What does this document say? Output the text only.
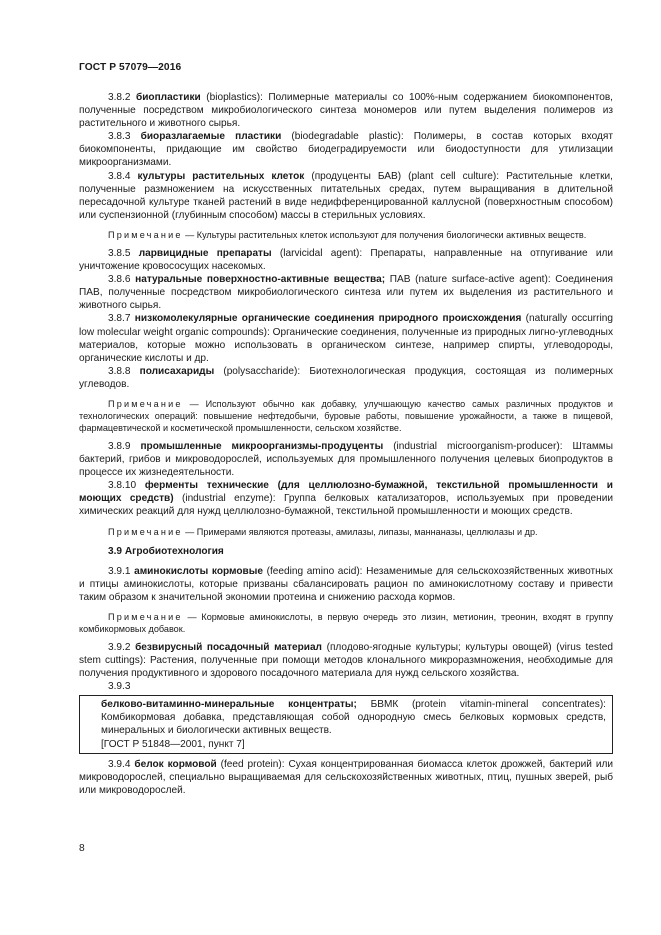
ГОСТ Р 57079—2016

3.8.2 биопластики (bioplastics): Полимерные материалы со 100%-ным содержанием биокомпонентов, полученные посредством микробиологического синтеза мономеров или путем выделения полимеров из растительного и животного сырья.

3.8.3 биоразлагаемые пластики (biodegradable plastic): Полимеры, в состав которых входят биокомпоненты, придающие им свойство биодеградируемости или биодоступности для утилизации микроорганизмами.

3.8.4 культуры растительных клеток (продуценты БАВ) (plant cell culture): Растительные клетки, полученные размножением на искусственных питательных средах, путем выращивания в длительной пересадочной культуре тканей растений в виде недифференцированной каллусной (поверхностным способом) или суспензионной (глубинным способом) массы в стерильных условиях.

Примечание — Культуры растительных клеток используют для получения биологически активных веществ.

3.8.5 ларвицидные препараты (larvicidal agent): Препараты, направленные на отпугивание или уничтожение кровососущих насекомых.

3.8.6 натуральные поверхностно-активные вещества; ПАВ (nature surface-active agent): Соединения ПАВ, полученные посредством микробиологического синтеза или путем их выделения из растительного и животного сырья.

3.8.7 низкомолекулярные органические соединения природного происхождения (naturally occurring low molecular weight organic compounds): Органические соединения, полученные из природных лигно-углеводных материалов, которые можно использовать в органическом синтезе, например спирты, углеводороды, органические кислоты и др.

3.8.8 полисахариды (polysaccharide): Биотехнологическая продукция, состоящая из полимерных углеводов.

Примечание — Используют обычно как добавку, улучшающую качество самых различных продуктов и технологических операций: повышение нефтедобычи, буровые работы, повышение урожайности, а также в пищевой, фармацевтической и косметической промышленности, сельском хозяйстве.

3.8.9 промышленные микроорганизмы-продуценты (industrial microorganism-producer): Штаммы бактерий, грибов и микроводорослей, используемых для промышленного получения целевых биопродуктов в процессе их жизнедеятельности.

3.8.10 ферменты технические (для целлюлозно-бумажной, текстильной промышленности и моющих средств) (industrial enzyme): Группа белковых катализаторов, используемых при проведении химических реакций для нужд целлюлозно-бумажной, текстильной промышленности и моющих средств.

Примечание — Примерами являются протеазы, амилазы, липазы, маннаназы, целлюлазы и др.

3.9 Агробиотехнология

3.9.1 аминокислоты кормовые (feeding amino acid): Незаменимые для сельскохозяйственных животных и птицы аминокислоты, которые призваны сбалансировать рацион по аминокислотному составу и привести таким образом к значительной экономии протеина и снижению расхода кормов.

Примечание — Кормовые аминокислоты, в первую очередь это лизин, метионин, треонин, входят в группу комбикормовых добавок.

3.9.2 безвирусный посадочный материал (плодово-ягодные культуры; культуры овощей) (virus tested stem cuttings): Растения, полученные при помощи методов клонального микроразмножения, необходимые для получения продуктивного и здорового посадочного материала для нужд сельского хозяйства.

3.9.3

белково-витаминно-минеральные концентраты; БВМК (protein vitamin-mineral concentrates): Комбикормовая добавка, представляющая собой однородную смесь белковых кормовых средств, минеральных и биологически активных веществ.

[ГОСТ Р 51848—2001, пункт 7]

3.9.4 белок кормовой (feed protein): Сухая концентрированная биомасса клеток дрожжей, бактерий или микроводорослей, специально выращиваемая для сельскохозяйственных животных, птиц, пушных зверей, рыб или микроводорослей.

8
